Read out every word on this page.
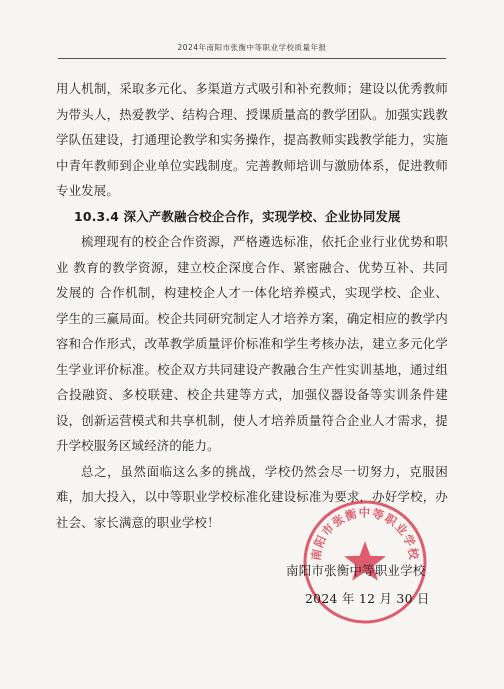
2024年南阳市张衡中等职业学校质量年报

用人机制，采取多元化、多渠道方式吸引和补充教师；建设以优秀教师为带头人，热爱教学、结构合理、授课质量高的教学团队。加强实践教学队伍建设，打通理论教学和实务操作，提高教师实践教学能力，实施中青年教师到企业单位实践制度。完善教师培训与激励体系，促进教师专业发展。

10.3.4 深入产教融合校企合作，实现学校、企业协同发展

梳理现有的校企合作资源，严格遴选标准，依托企业行业优势和职业 教育的教学资源，建立校企深度合作、紧密融合、优势互补、共同发展的 合作机制，构建校企人才一体化培养模式，实现学校、企业、学生的三赢局面。校企共同研究制定人才培养方案，确定相应的教学内容和合作形式，改革教学质量评价标准和学生考核办法，建立多元化学生学业评价标准。校企双方共同建设产教融合生产性实训基地，通过组合投融资、多校联建、校企共建等方式，加强仪器设备等实训条件建设，创新运营模式和共享机制，使人才培养质量符合企业人才需求，提升学校服务区域经济的能力。

总之，虽然面临这么多的挑战，学校仍然会尽一切努力，克服困难，加大投入，以中等职业学校标准化建设标准为要求，办好学校，办社会、家长满意的职业学校！

南阳市张衡中等职业学校
南阳市张衡中等职业学校
2024 年 12 月 30 日
